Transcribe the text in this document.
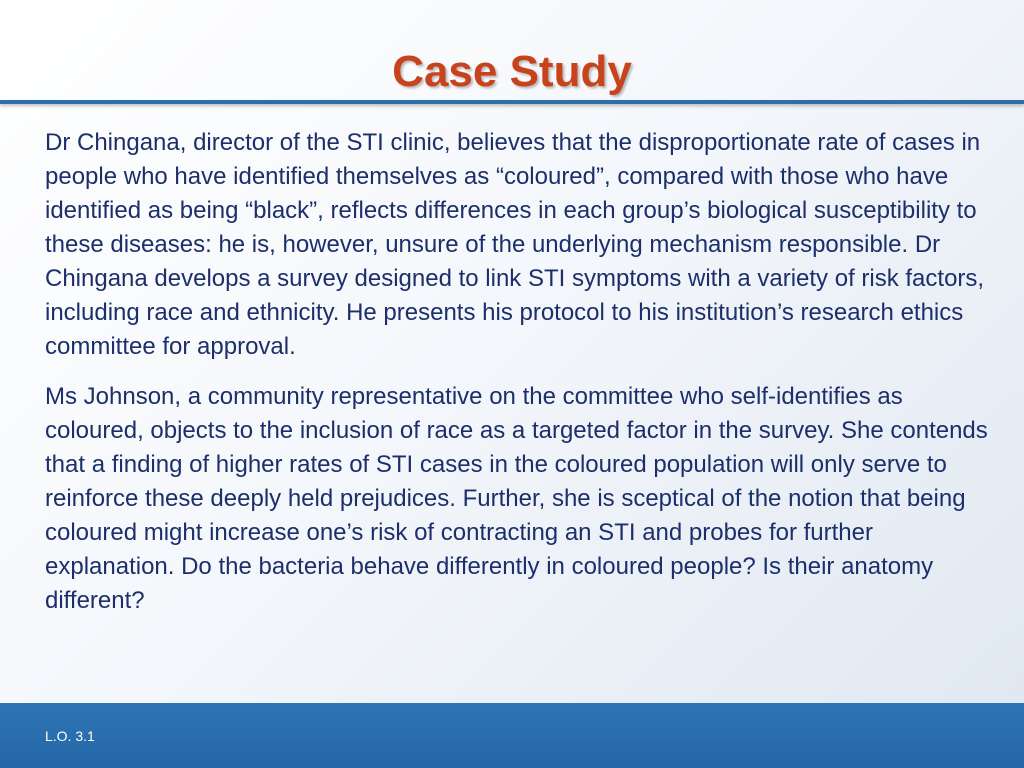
Case Study

Dr Chingana, director of the STI clinic, believes that the disproportionate rate of cases in people who have identified themselves as “coloured”, compared with those who have identified as being “black”, reflects differences in each group’s biological susceptibility to these diseases: he is, however, unsure of the underlying mechanism responsible. Dr Chingana develops a survey designed to link STI symptoms with a variety of risk factors, including race and ethnicity. He presents his protocol to his institution’s research ethics committee for approval.

Ms Johnson, a community representative on the committee who self-identifies as coloured, objects to the inclusion of race as a targeted factor in the survey. She contends that a finding of higher rates of STI cases in the coloured population will only serve to reinforce these deeply held prejudices. Further, she is sceptical of the notion that being coloured might increase one’s risk of contracting an STI and probes for further explanation. Do the bacteria behave differently in coloured people? Is their anatomy different?

L.O. 3.1
